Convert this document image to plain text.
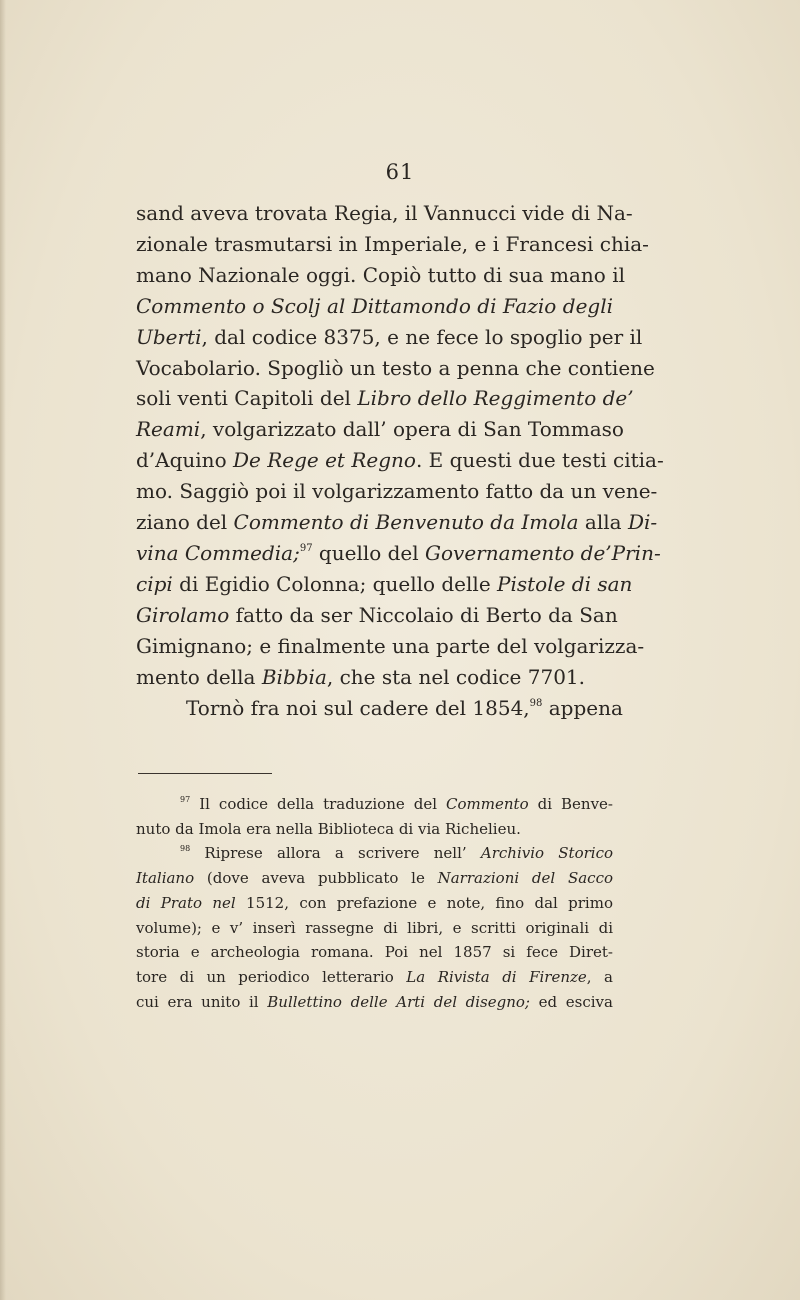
61
sand aveva trovata Regia, il Vannucci vide di Na-
zionale trasmutarsi in Imperiale, e i Francesi chia-
mano Nazionale oggi. Copiò tutto di sua mano il
Commento o Scolj al Dittamondo di Fazio degli
Uberti, dal codice 8375, e ne fece lo spoglio per il
Vocabolario. Spogliò un testo a penna che contiene
soli venti Capitoli del Libro dello Reggimento de’
Reami, volgarizzato dall’ opera di San Tommaso
d’Aquino De Rege et Regno. E questi due testi citia-
mo. Saggiò poi il volgarizzamento fatto da un vene-
ziano del Commento di Benvenuto da Imola alla Di-
vina Commedia;$^{97}$ quello del Governamento de’Prin-
cipi di Egidio Colonna; quello delle Pistole di san
Girolamo fatto da ser Niccolaio di Berto da San
Gimignano; e finalmente una parte del volgarizza-
mento della Bibbia, che sta nel codice 7701.
Tornò fra noi sul cadere del 1854,98 appena
$^{97}$ Il codice della traduzione del Commento di Benve-
nuto da Imola era nella Biblioteca di via Richelieu.
$^{98}$ Riprese allora a scrivere nell’ Archivio Storico
Italiano (dove aveva pubblicato le Narrazioni del Sacco
di Prato nel 1512, con prefazione e note, fino dal primo
volume); e v’ inserì rassegne di libri, e scritti originali di
storia e archeologia romana. Poi nel 1857 si fece Diret-
tore di un periodico letterario La Rivista di Firenze, a
cui era unito il Bullettino delle Arti del disegno; ed esciva
